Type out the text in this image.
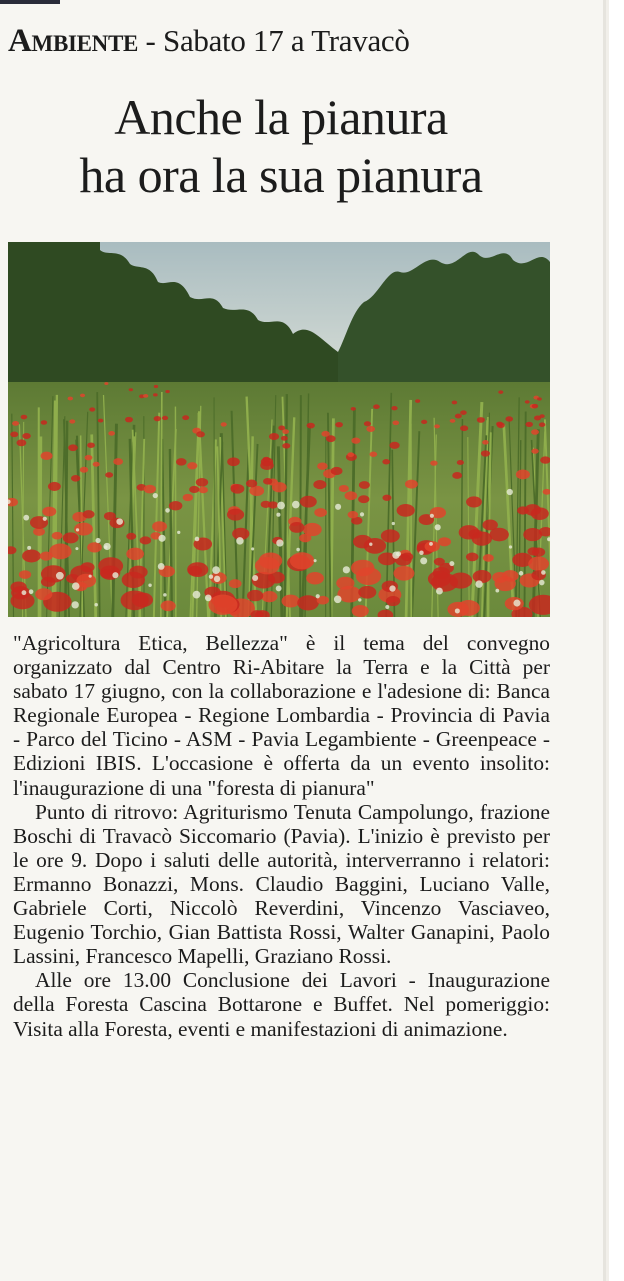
Ambiente - Sabato 17 a Travacò
Anche la pianura
ha ora la sua pianura

"Agricoltura Etica, Bellezza" è il tema del convegno organizzato dal Centro Ri-Abitare la Terra e la Città per sabato 17 giugno, con la collaborazione e l'adesione di: Banca Regionale Europea - Regione Lombardia - Provincia di Pavia - Parco del Ticino - ASM - Pavia Legambiente - Greenpeace - Edizioni IBIS. L'occasione è offerta da un evento insolito: l'inaugurazione di una "foresta di pianura"

Punto di ritrovo: Agriturismo Tenuta Campolungo, frazione Boschi di Travacò Siccomario (Pavia). L'inizio è previsto per le ore 9. Dopo i saluti delle autorità, interverranno i relatori: Ermanno Bonazzi, Mons. Claudio Baggini, Luciano Valle, Gabriele Corti, Niccolò Reverdini, Vincenzo Vasciaveo, Eugenio Torchio, Gian Battista Rossi, Walter Ganapini, Paolo Lassini, Francesco Mapelli, Graziano Rossi.

Alle ore 13.00 Conclusione dei Lavori - Inaugurazione della Foresta Cascina Bottarone e Buffet. Nel pomeriggio: Visita alla Foresta, eventi e manifestazioni di animazione.
